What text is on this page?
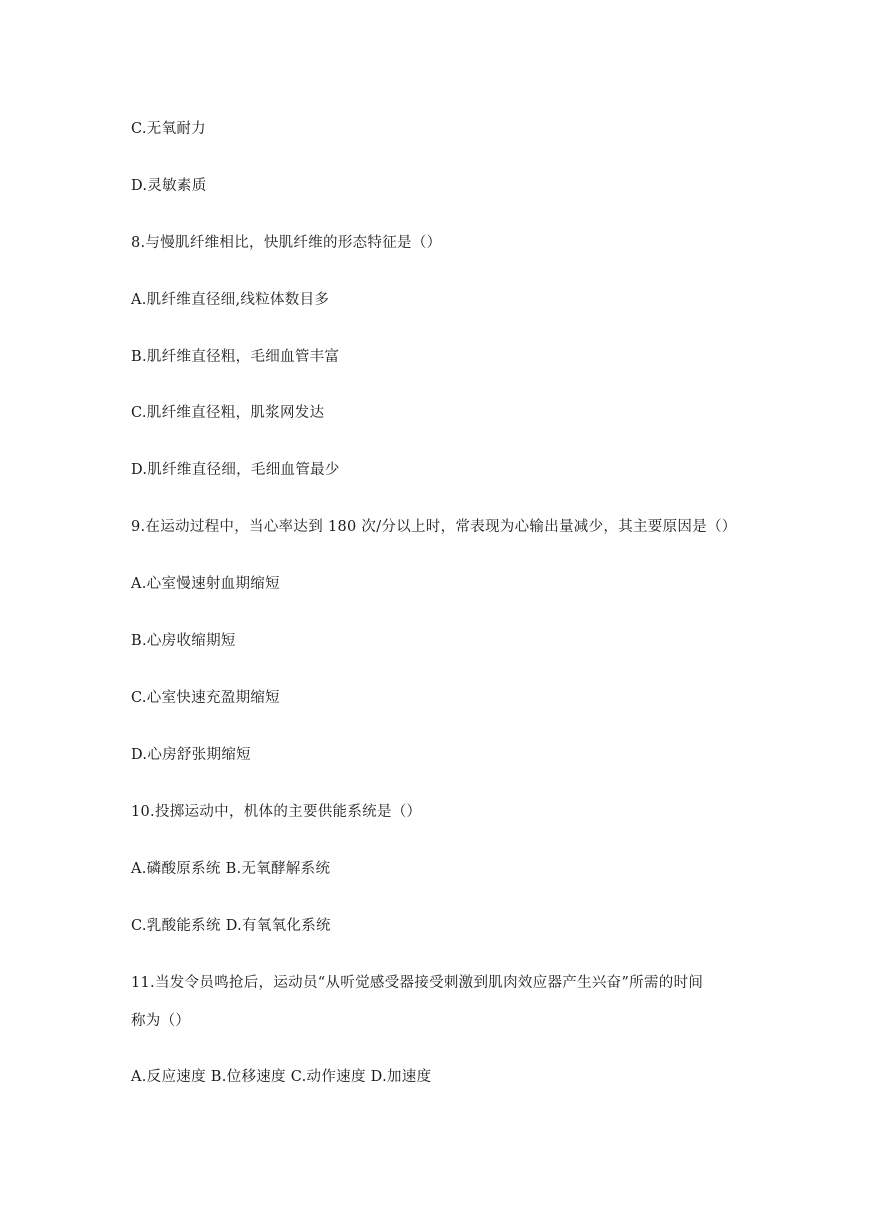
C.无氧耐力
D.灵敏素质
8.与慢肌纤维相比，快肌纤维的形态特征是（）
A.肌纤维直径细,线粒体数目多
B.肌纤维直径粗，毛细血管丰富
C.肌纤维直径粗，肌浆网发达
D.肌纤维直径细，毛细血管最少
9.在运动过程中，当心率达到 180 次/分以上时，常表现为心输出量减少，其主要原因是（）
A.心室慢速射血期缩短
B.心房收缩期短
C.心室快速充盈期缩短
D.心房舒张期缩短
10.投掷运动中，机体的主要供能系统是（）
A.磷酸原系统 B.无氧酵解系统
C.乳酸能系统 D.有氧氧化系统
11.当发令员鸣抢后，运动员“从听觉感受器接受刺激到肌肉效应器产生兴奋”所需的时间
称为（）
A.反应速度 B.位移速度 C.动作速度 D.加速度
